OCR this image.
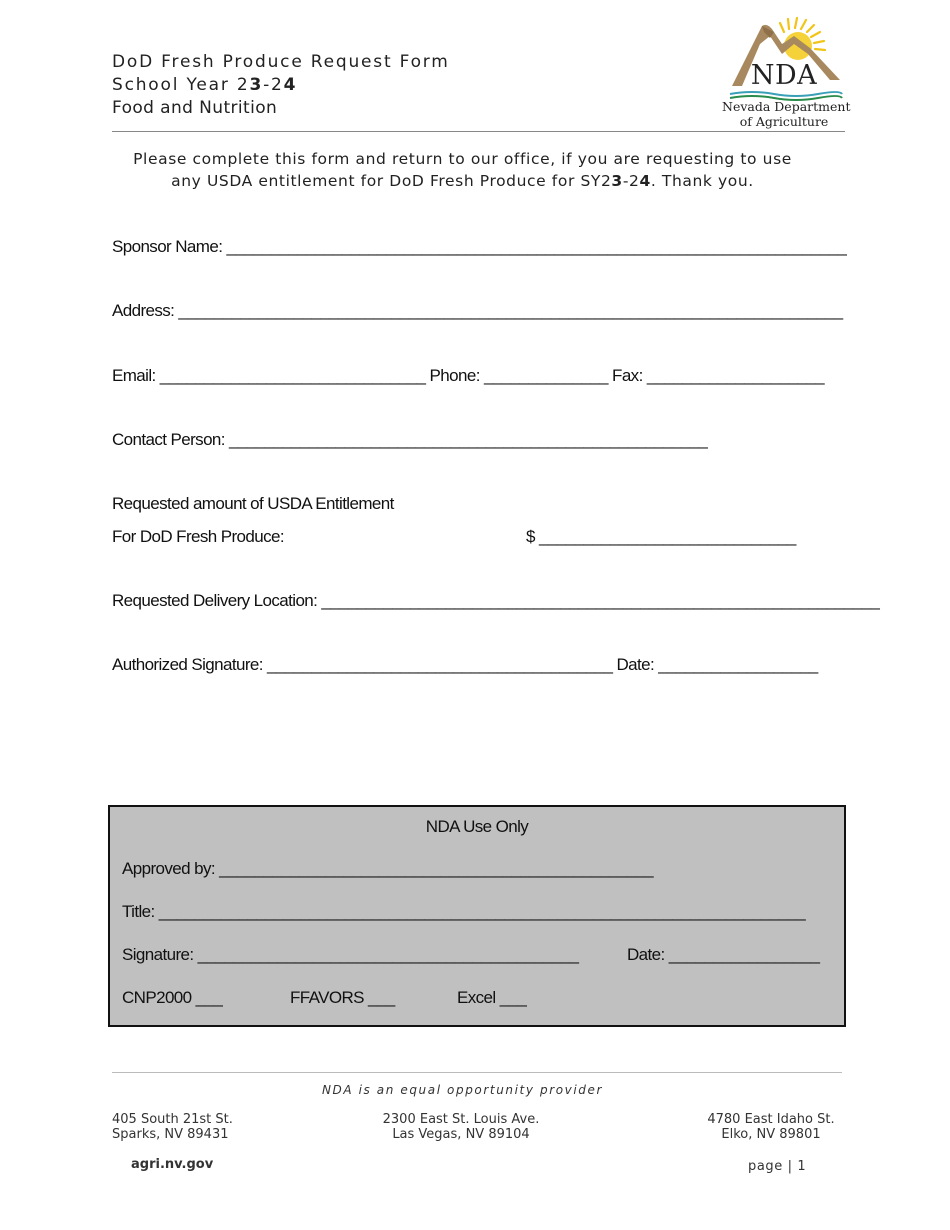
DoD Fresh Produce Request Form
School Year 23-24
Food and Nutrition
NDA
Nevada Department
of Agriculture
Please complete this form and return to our office, if you are requesting to use
any USDA entitlement for DoD Fresh Produce for SY23-24. Thank you.
Sponsor Name: ______________________________________________________________________
Address: ___________________________________________________________________________
Email: ______________________________ Phone: ______________ Fax: ____________________
Contact Person: ______________________________________________________
Requested amount of USDA Entitlement
For DoD Fresh Produce:	$ _____________________________
Requested Delivery Location: _______________________________________________________________
Authorized Signature: _______________________________________ Date: __________________
NDA Use Only
Approved by: _________________________________________________
Title: _________________________________________________________________________
Signature: ___________________________________________	Date: _________________
CNP2000 ___	FFAVORS ___	Excel ___
NDA is an equal opportunity provider
405 South 21st St.
Sparks, NV 89431
2300 East St. Louis Ave.
Las Vegas, NV 89104
4780 East Idaho St.
Elko, NV 89801
agri.nv.gov	page | 1
